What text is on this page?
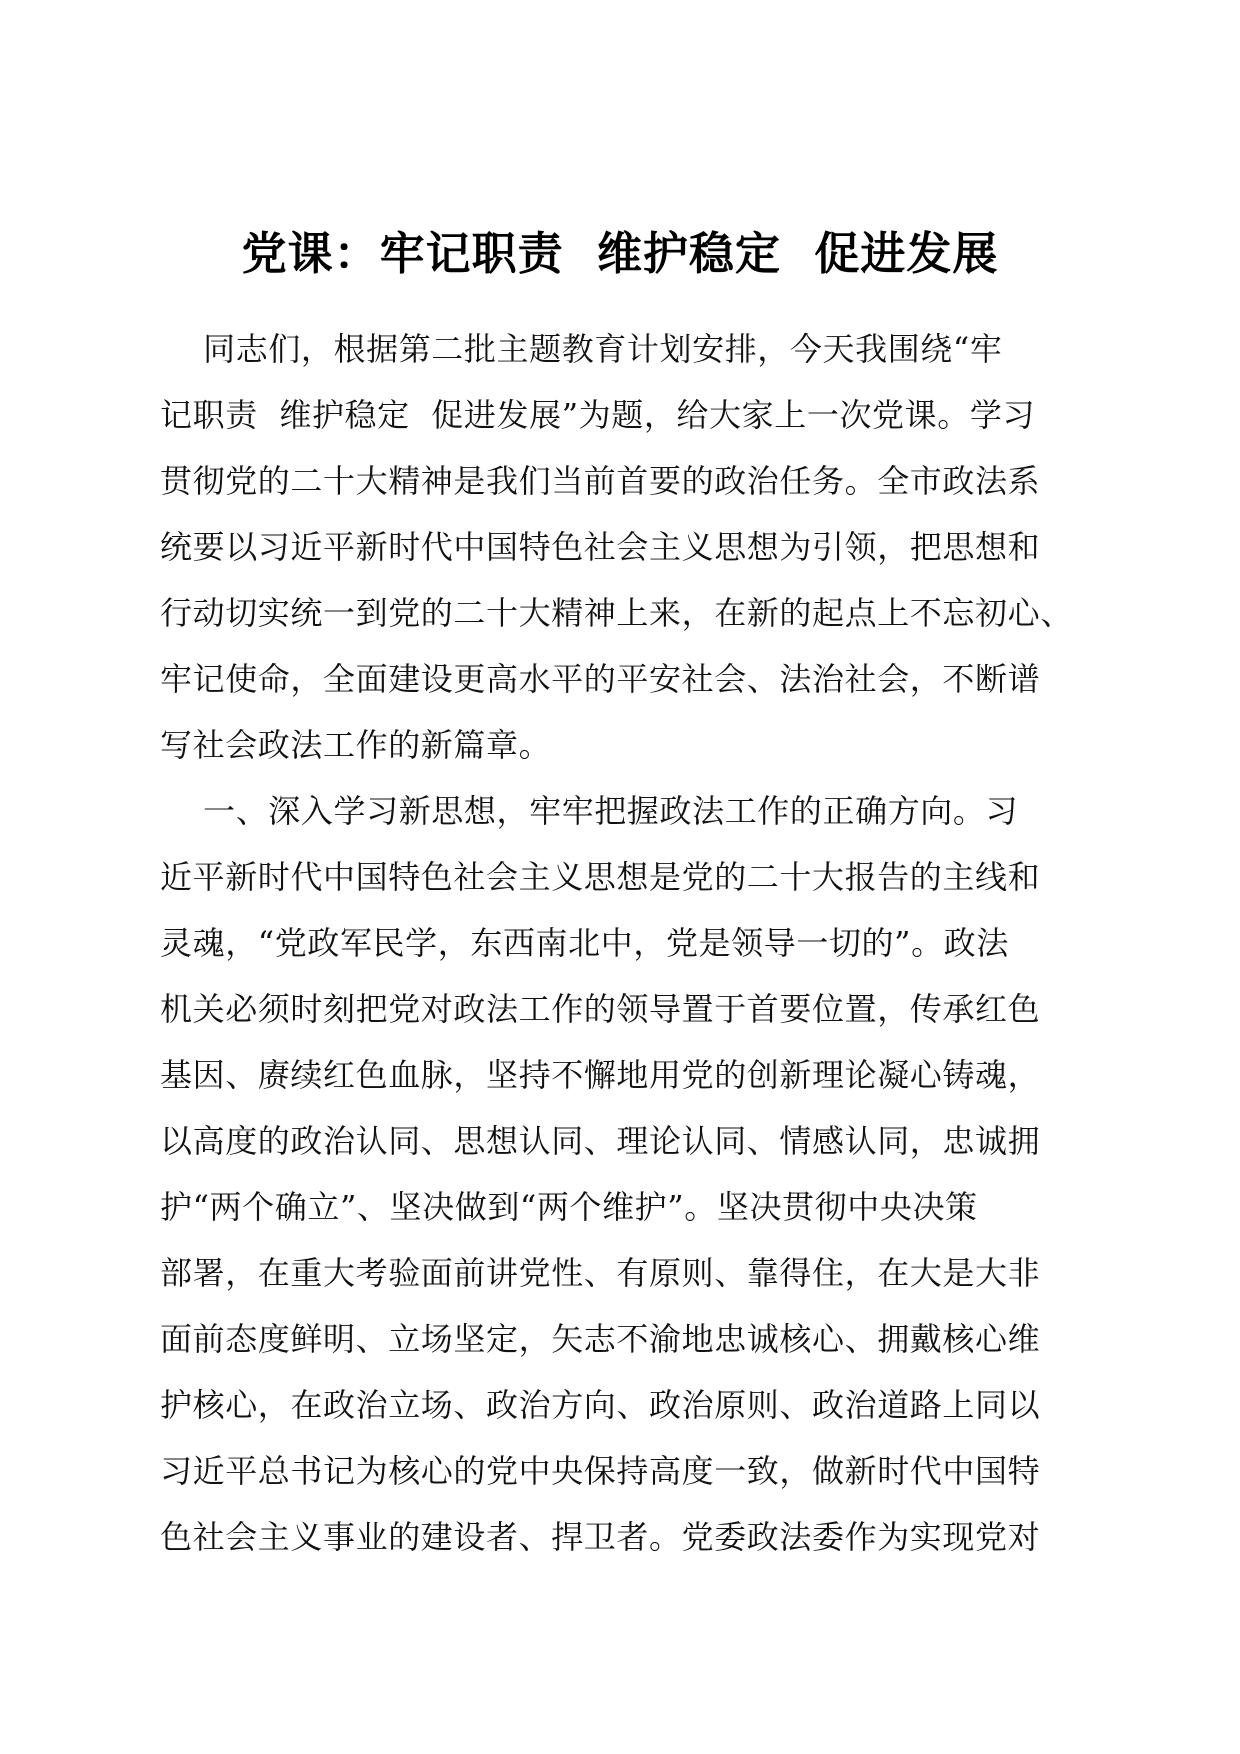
党课：牢记职责  维护稳定  促进发展
同志们，根据第二批主题教育计划安排，今天我围绕“牢
记职责  维护稳定  促进发展”为题，给大家上一次党课。学习
贯彻党的二十大精神是我们当前首要的政治任务。全市政法系
统要以习近平新时代中国特色社会主义思想为引领，把思想和
行动切实统一到党的二十大精神上来，在新的起点上不忘初心、
牢记使命，全面建设更高水平的平安社会、法治社会，不断谱
写社会政法工作的新篇章。
一、深入学习新思想，牢牢把握政法工作的正确方向。习
近平新时代中国特色社会主义思想是党的二十大报告的主线和
灵魂，“党政军民学，东西南北中，党是领导一切的”。政法
机关必须时刻把党对政法工作的领导置于首要位置，传承红色
基因、赓续红色血脉，坚持不懈地用党的创新理论凝心铸魂，
以高度的政治认同、思想认同、理论认同、情感认同，忠诚拥
护“两个确立”、坚决做到“两个维护”。坚决贯彻中央决策
部署，在重大考验面前讲党性、有原则、靠得住，在大是大非
面前态度鲜明、立场坚定，矢志不渝地忠诚核心、拥戴核心维
护核心，在政治立场、政治方向、政治原则、政治道路上同以
习近平总书记为核心的党中央保持高度一致，做新时代中国特
色社会主义事业的建设者、捍卫者。党委政法委作为实现党对
